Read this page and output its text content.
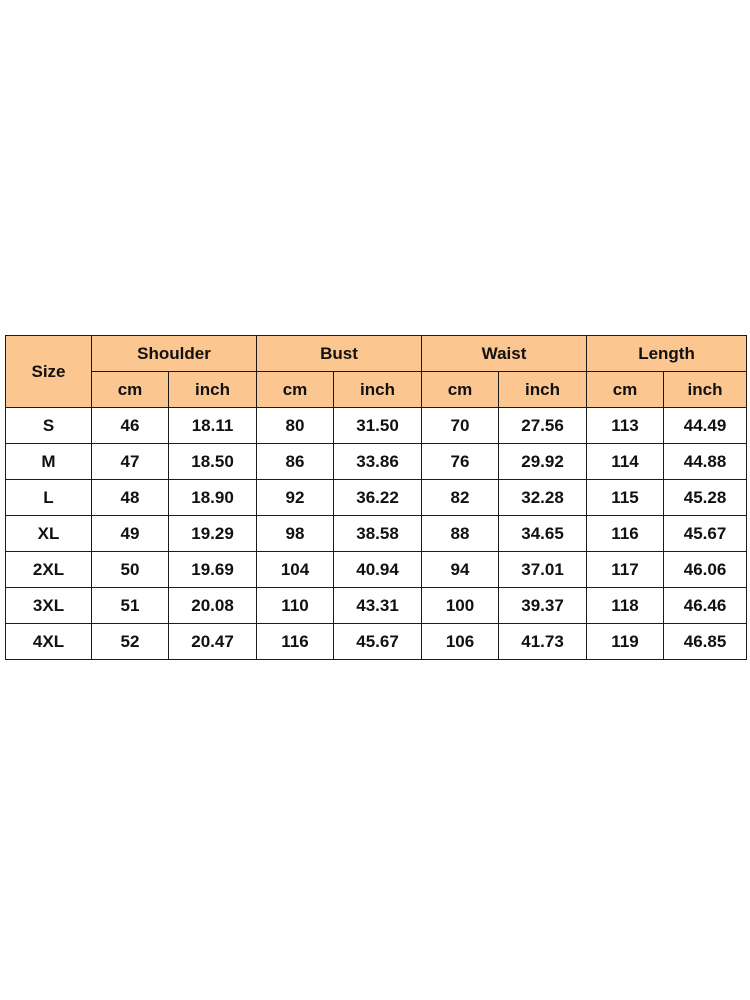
Size	Shoulder		Bust		Waist		Length	
	cm	inch	cm	inch	cm	inch	cm	inch
S	46	18.11	80	31.50	70	27.56	113	44.49
M	47	18.50	86	33.86	76	29.92	114	44.88
L	48	18.90	92	36.22	82	32.28	115	45.28
XL	49	19.29	98	38.58	88	34.65	116	45.67
2XL	50	19.69	104	40.94	94	37.01	117	46.06
3XL	51	20.08	110	43.31	100	39.37	118	46.46
4XL	52	20.47	116	45.67	106	41.73	119	46.85
